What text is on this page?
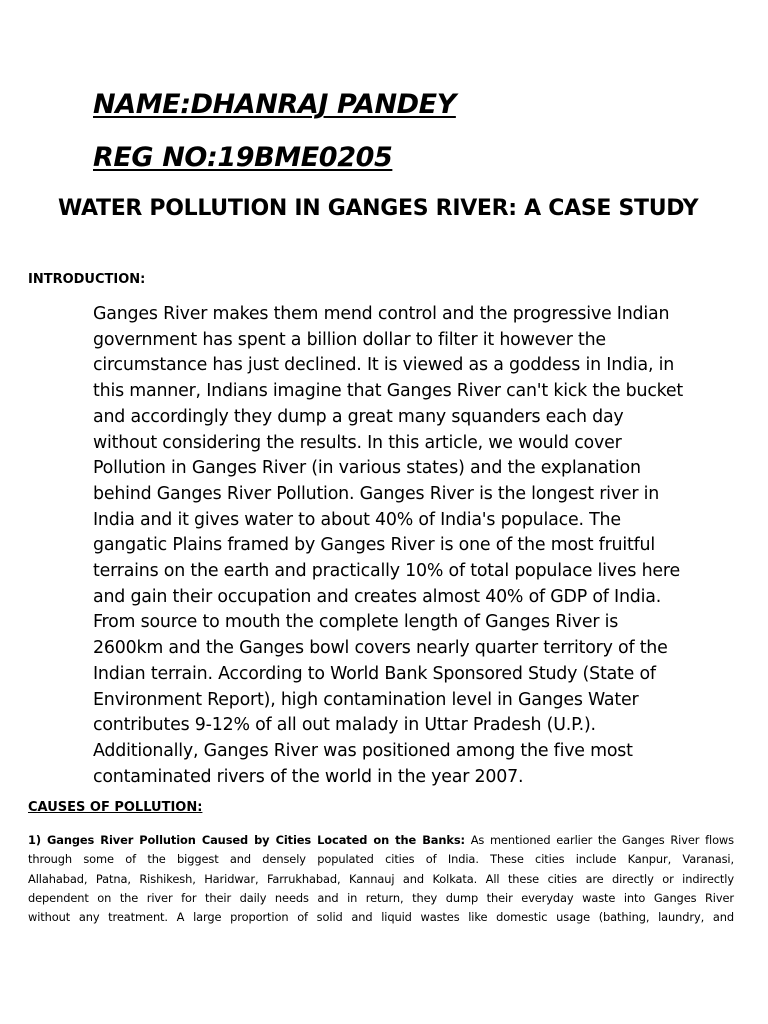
NAME:DHANRAJ PANDEY
REG NO:19BME0205
WATER POLLUTION IN GANGES RIVER: A CASE STUDY
INTRODUCTION:
Ganges River makes them mend control and the progressive Indian
government has spent a billion dollar to filter it however the
circumstance has just declined. It is viewed as a goddess in India, in
this manner, Indians imagine that Ganges River can't kick the bucket
and accordingly they dump a great many squanders each day
without considering the results. In this article, we would cover
Pollution in Ganges River (in various states) and the explanation
behind Ganges River Pollution. Ganges River is the longest river in
India and it gives water to about 40% of India's populace. The
gangatic Plains framed by Ganges River is one of the most fruitful
terrains on the earth and practically 10% of total populace lives here
and gain their occupation and creates almost 40% of GDP of India.
From source to mouth the complete length of Ganges River is
2600km and the Ganges bowl covers nearly quarter territory of the
Indian terrain. According to World Bank Sponsored Study (State of
Environment Report), high contamination level in Ganges Water
contributes 9-12% of all out malady in Uttar Pradesh (U.P.).
Additionally, Ganges River was positioned among the five most
contaminated rivers of the world in the year 2007.
CAUSES OF POLLUTION:
1) Ganges River Pollution Caused by Cities Located on the Banks: As mentioned earlier the Ganges River flows
through some of the biggest and densely populated cities of India. These cities include Kanpur, Varanasi,
Allahabad, Patna, Rishikesh, Haridwar, Farrukhabad, Kannauj and Kolkata. All these cities are directly or indirectly
dependent on the river for their daily needs and in return, they dump their everyday waste into Ganges River
without any treatment. A large proportion of solid and liquid wastes like domestic usage (bathing, laundry, and
